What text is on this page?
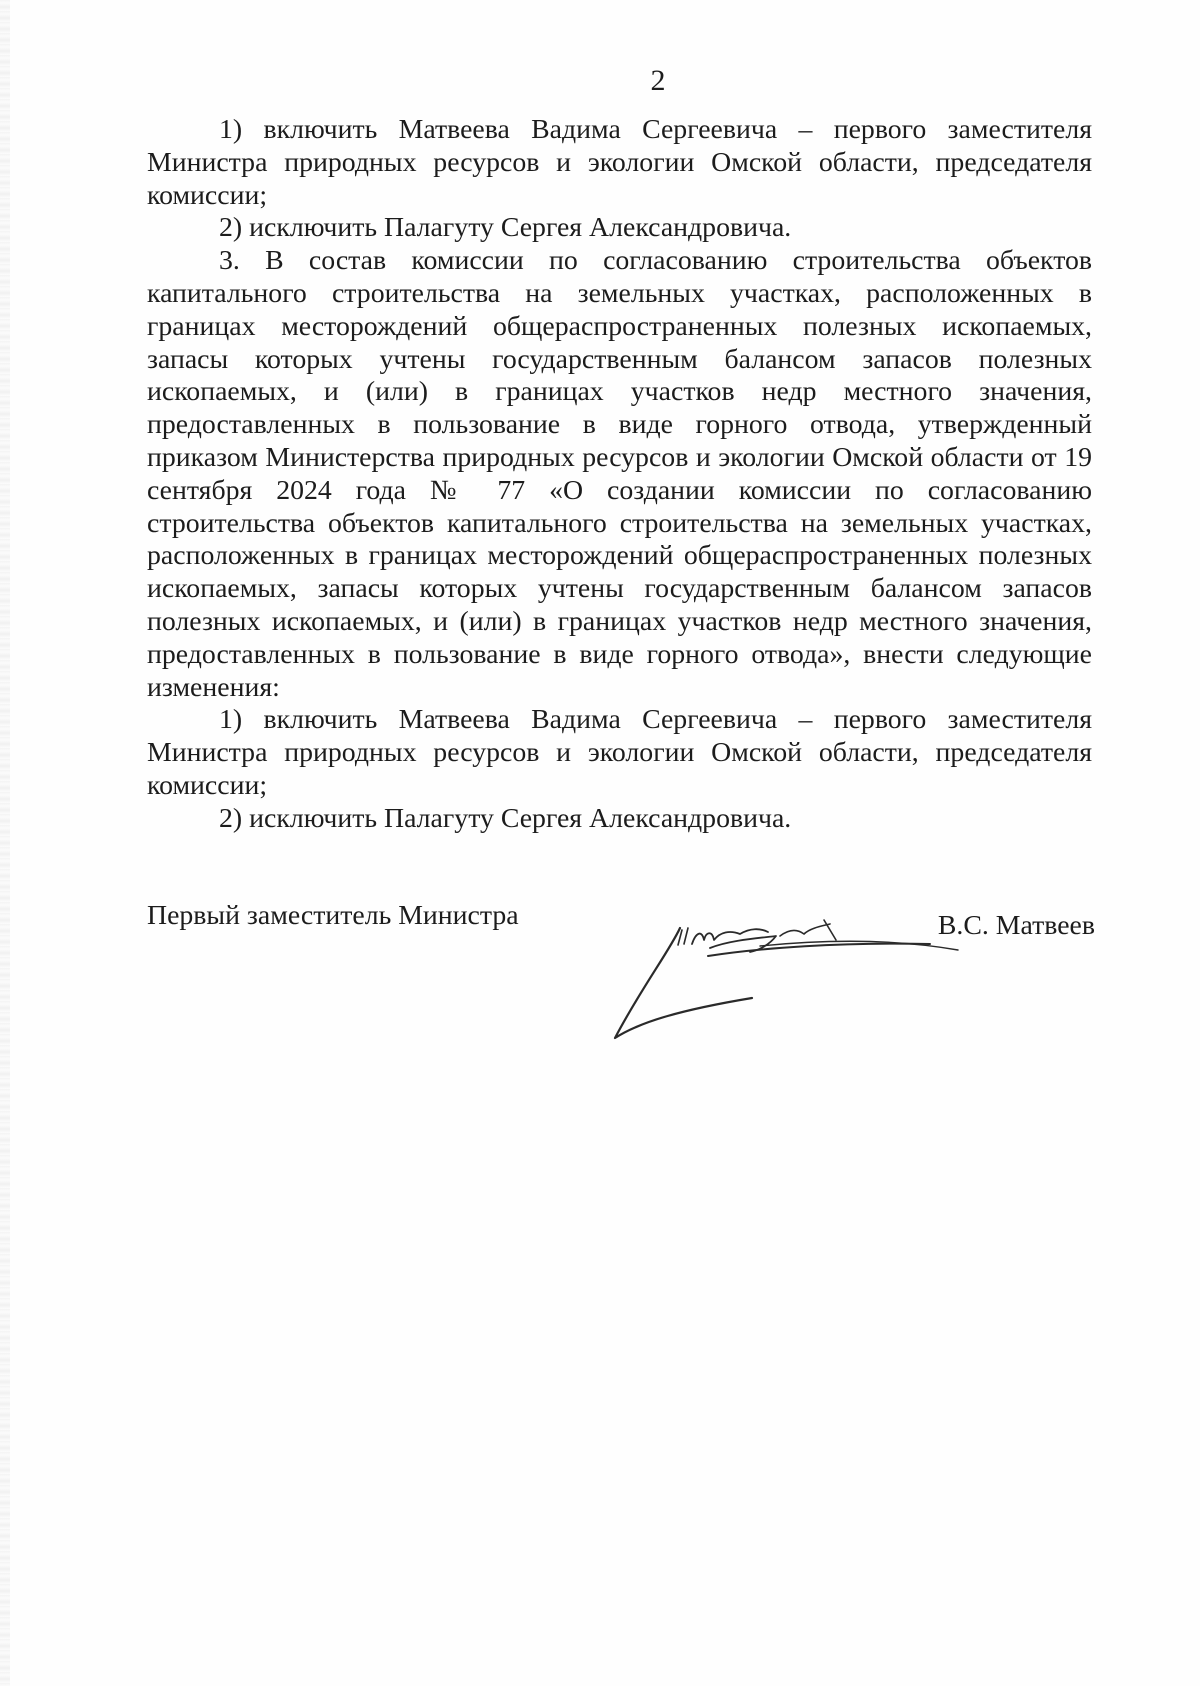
2

1) включить Матвеева Вадима Сергеевича – первого заместителя Министра природных ресурсов и экологии Омской области, председателя комиссии;

2) исключить Палагуту Сергея Александровича.

3. В состав комиссии по согласованию строительства объектов капитального строительства на земельных участках, расположенных в границах месторождений общераспространенных полезных ископаемых, запасы которых учтены государственным балансом запасов полезных ископаемых, и (или) в границах участков недр местного значения, предоставленных в пользование в виде горного отвода, утвержденный приказом Министерства природных ресурсов и экологии Омской области от 19 сентября 2024 года № 77 «О создании комиссии по согласованию строительства объектов капитального строительства на земельных участках, расположенных в границах месторождений общераспространенных полезных ископаемых, запасы которых учтены государственным балансом запасов полезных ископаемых, и (или) в границах участков недр местного значения, предоставленных в пользование в виде горного отвода», внести следующие изменения:

1) включить Матвеева Вадима Сергеевича – первого заместителя Министра природных ресурсов и экологии Омской области, председателя комиссии;

2) исключить Палагуту Сергея Александровича.

Первый заместитель Министра	В.С. Матвеев
